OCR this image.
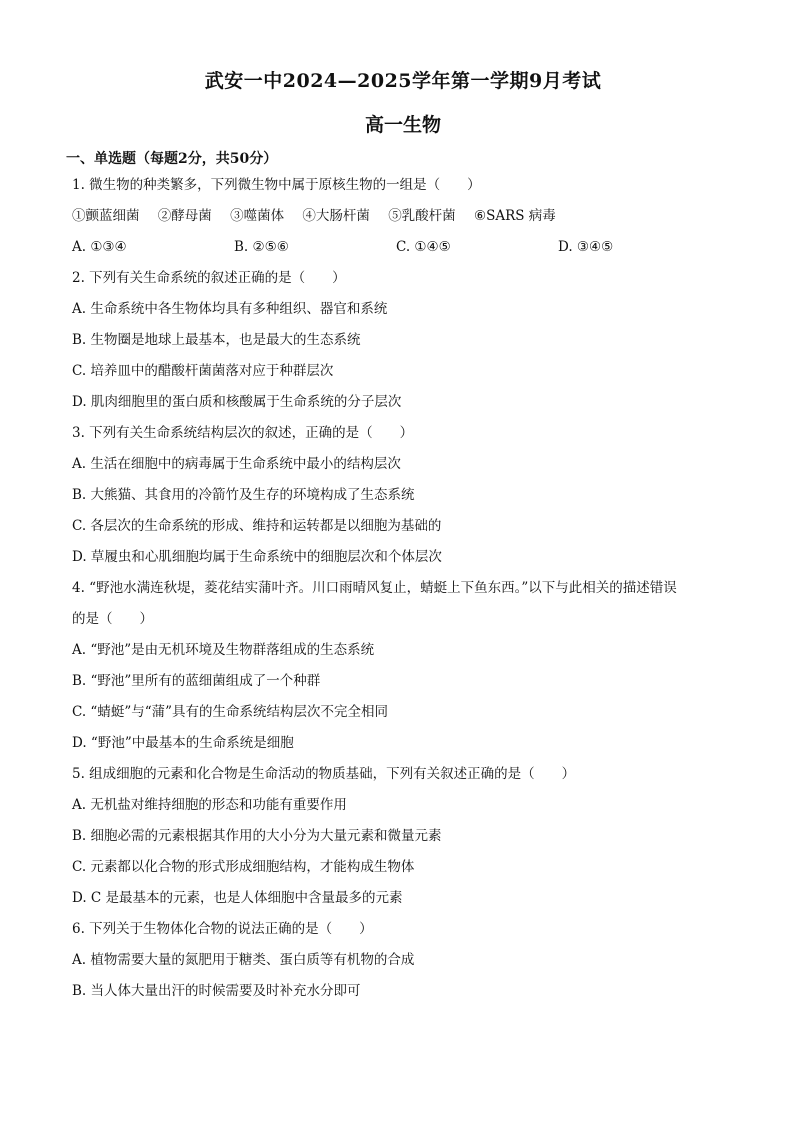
武安一中2024—2025学年第一学期9月考试
高一生物
一、单选题（每题2分，共50分）
1. 微生物的种类繁多，下列微生物中属于原核生物的一组是（　　）
①颤蓝细菌 ②酵母菌 ③噬菌体 ④大肠杆菌 ⑤乳酸杆菌 ⑥SARS 病毒
A. ①③④	B. ②⑤⑥	C. ①④⑤	D. ③④⑤
2. 下列有关生命系统的叙述正确的是（　　）
A. 生命系统中各生物体均具有多种组织、器官和系统
B. 生物圈是地球上最基本，也是最大的生态系统
C. 培养皿中的醋酸杆菌菌落对应于种群层次
D. 肌肉细胞里的蛋白质和核酸属于生命系统的分子层次
3. 下列有关生命系统结构层次的叙述，正确的是（　　）
A. 生活在细胞中的病毒属于生命系统中最小的结构层次
B. 大熊猫、其食用的冷箭竹及生存的环境构成了生态系统
C. 各层次的生命系统的形成、维持和运转都是以细胞为基础的
D. 草履虫和心肌细胞均属于生命系统中的细胞层次和个体层次
4. “野池水满连秋堤，菱花结实蒲叶齐。川口雨晴风复止，蜻蜓上下鱼东西。”以下与此相关的描述错误
的是（　　）
A. “野池”是由无机环境及生物群落组成的生态系统
B. “野池”里所有的蓝细菌组成了一个种群
C. “蜻蜓”与“蒲”具有的生命系统结构层次不完全相同
D. “野池”中最基本的生命系统是细胞
5. 组成细胞的元素和化合物是生命活动的物质基础，下列有关叙述正确的是（　　）
A. 无机盐对维持细胞的形态和功能有重要作用
B. 细胞必需的元素根据其作用的大小分为大量元素和微量元素
C. 元素都以化合物的形式形成细胞结构，才能构成生物体
D. C 是最基本的元素，也是人体细胞中含量最多的元素
6. 下列关于生物体化合物的说法正确的是（　　）
A. 植物需要大量的氮肥用于糖类、蛋白质等有机物的合成
B. 当人体大量出汗的时候需要及时补充水分即可
